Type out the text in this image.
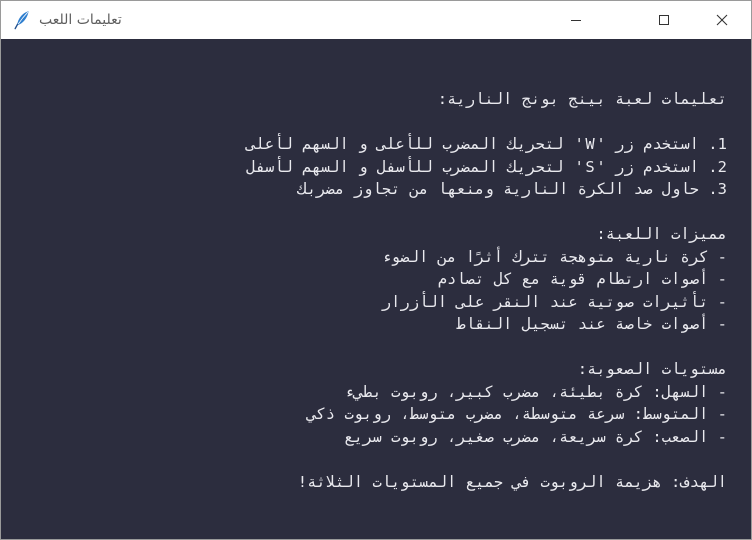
تعليمات اللعب
تعليمات لعبة بينج بونج النارية:
1. استخدم زر 'W' لتحريك المضرب للأعلى و السهم لأعلى
2. استخدم زر 'S' لتحريك المضرب للأسفل و السهم لأسفل
3. حاول صد الكرة النارية ومنعها من تجاوز مضربك
مميزات اللعبة:
- كرة نارية متوهجة تترك أثرًا من الضوء
- أصوات ارتطام قوية مع كل تصادم
- تأثيرات صوتية عند النقر على الأزرار
- أصوات خاصة عند تسجيل النقاط
مستويات الصعوبة:
- السهل: كرة بطيئة، مضرب كبير، روبوت بطيء
- المتوسط: سرعة متوسطة، مضرب متوسط، روبوت ذكي
- الصعب: كرة سريعة، مضرب صغير، روبوت سريع
الهدف: هزيمة الروبوت في جميع المستويات الثلاثة!
